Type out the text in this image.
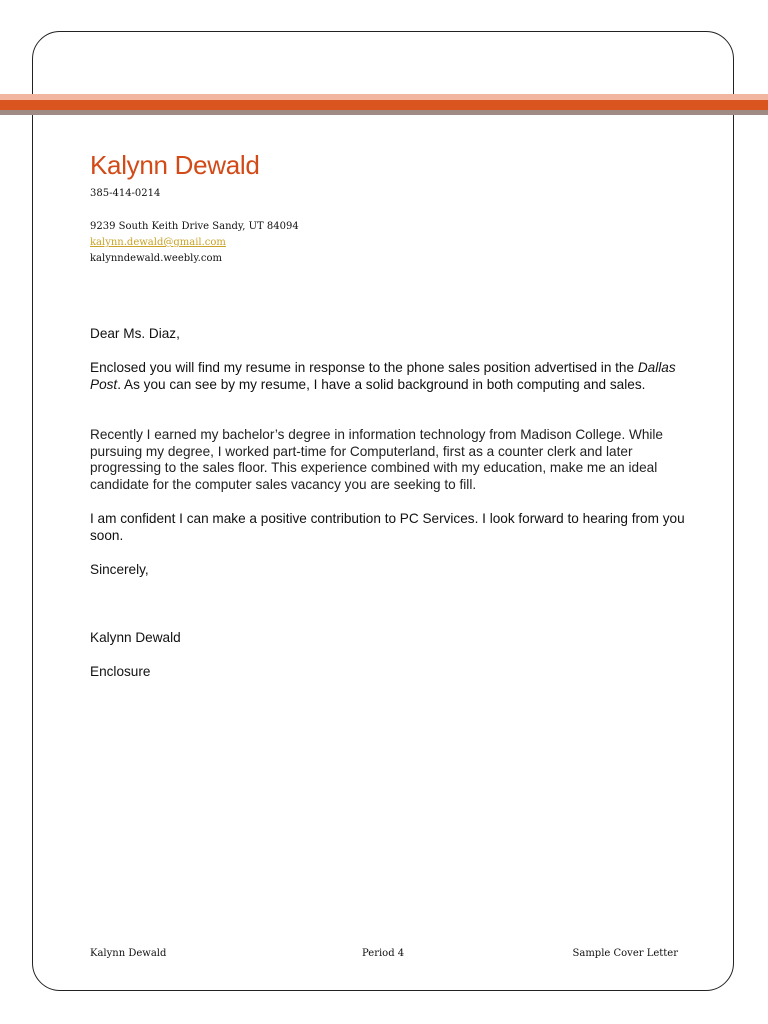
Kalynn Dewald
385-414-0214
9239 South Keith Drive Sandy, UT 84094
kalynn.dewald@gmail.com
kalynndewald.weebly.com

Dear Ms. Diaz,

Enclosed you will find my resume in response to the phone sales position advertised in the Dallas Post. As you can see by my resume, I have a solid background in both computing and sales.

Recently I earned my bachelor’s degree in information technology from Madison College. While pursuing my degree, I worked part-time for Computerland, first as a counter clerk and later progressing to the sales floor. This experience combined with my education, make me an ideal candidate for the computer sales vacancy you are seeking to fill.

I am confident I can make a positive contribution to PC Services. I look forward to hearing from you soon.

Sincerely,

Kalynn Dewald

Enclosure

Kalynn Dewald	Period 4	Sample Cover Letter
